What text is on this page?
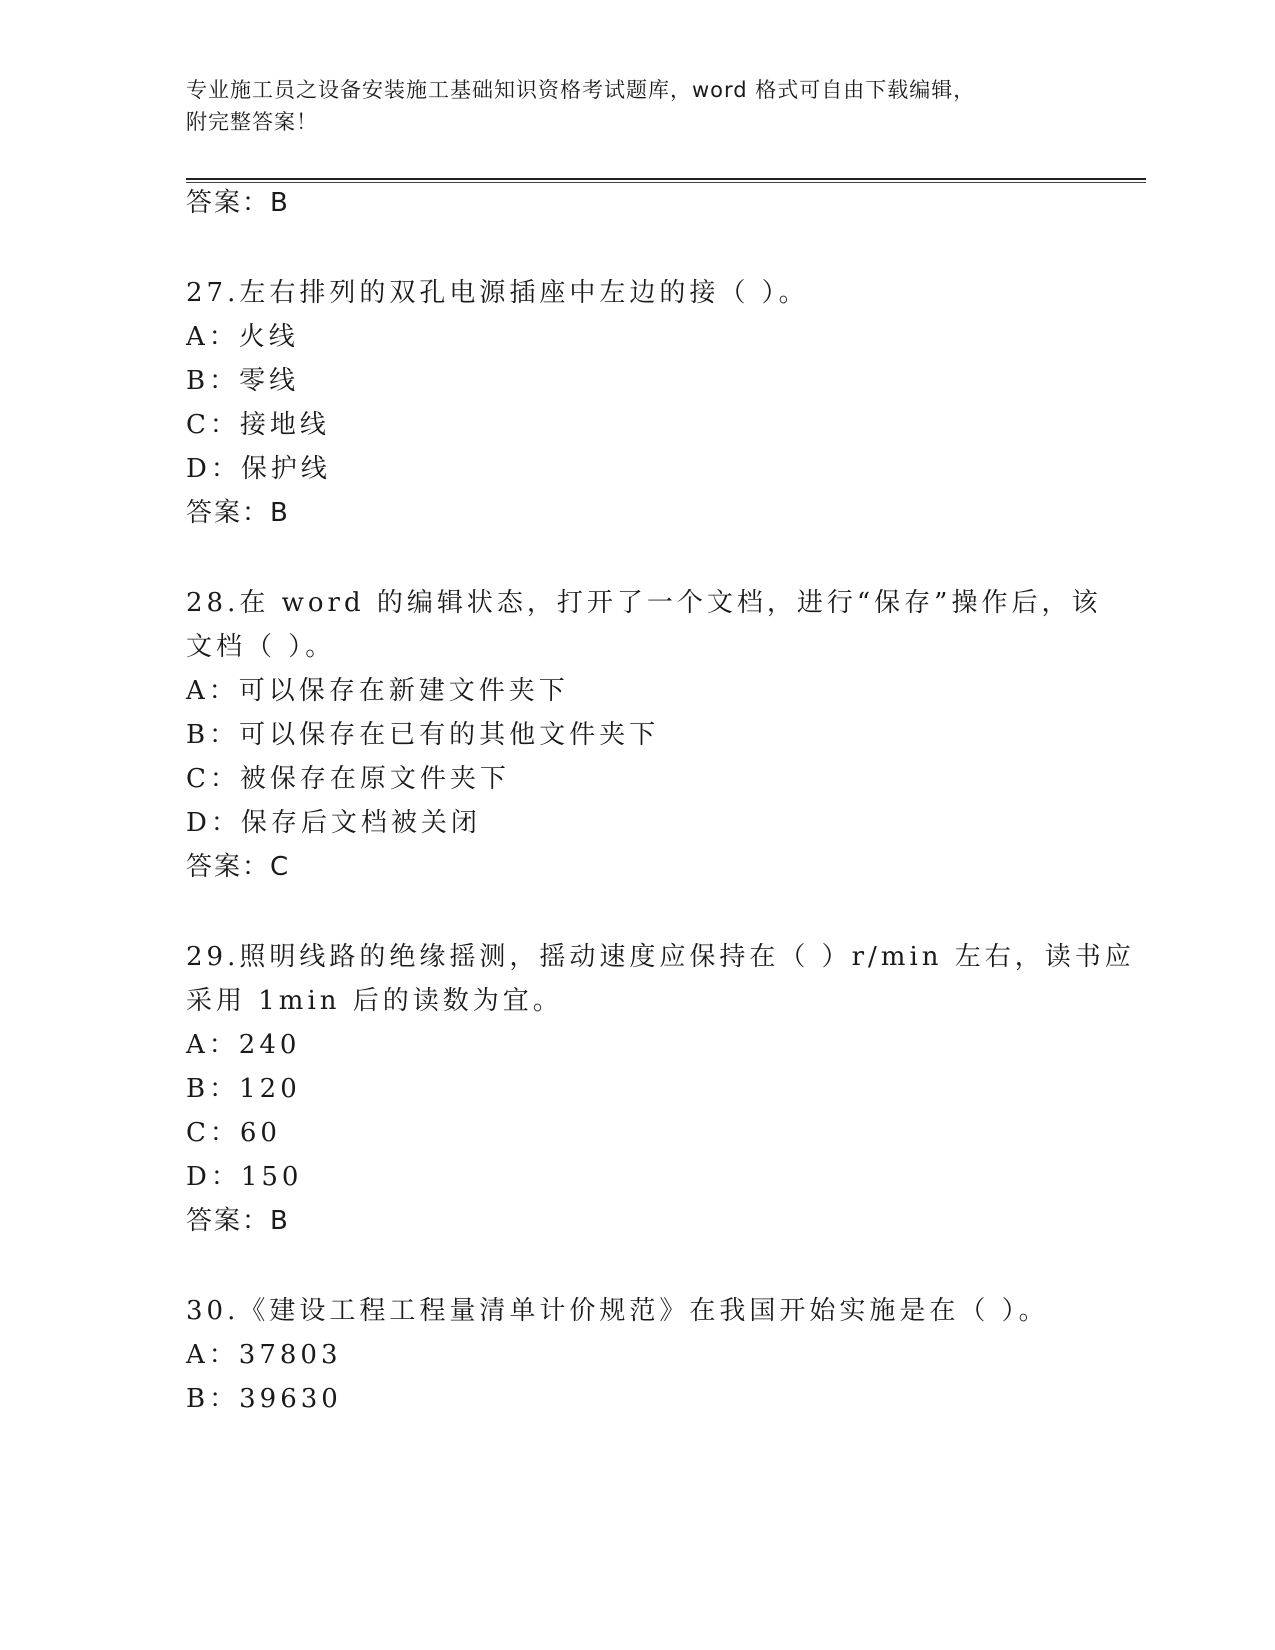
专业施工员之设备安装施工基础知识资格考试题库，word 格式可自由下载编辑，
附完整答案！
答案：B
27.左右排列的双孔电源插座中左边的接（ ）。
A：火线
B：零线
C：接地线
D：保护线
答案：B
28.在 word 的编辑状态，打开了一个文档，进行“保存”操作后，该
文档（ ）。
A：可以保存在新建文件夹下
B：可以保存在已有的其他文件夹下
C：被保存在原文件夹下
D：保存后文档被关闭
答案：C
29.照明线路的绝缘摇测，摇动速度应保持在（ ）r/min 左右，读书应
采用 1min 后的读数为宜。
A：240
B：120
C：60
D：150
答案：B
30.《建设工程工程量清单计价规范》在我国开始实施是在（ ）。
A：37803
B：39630
